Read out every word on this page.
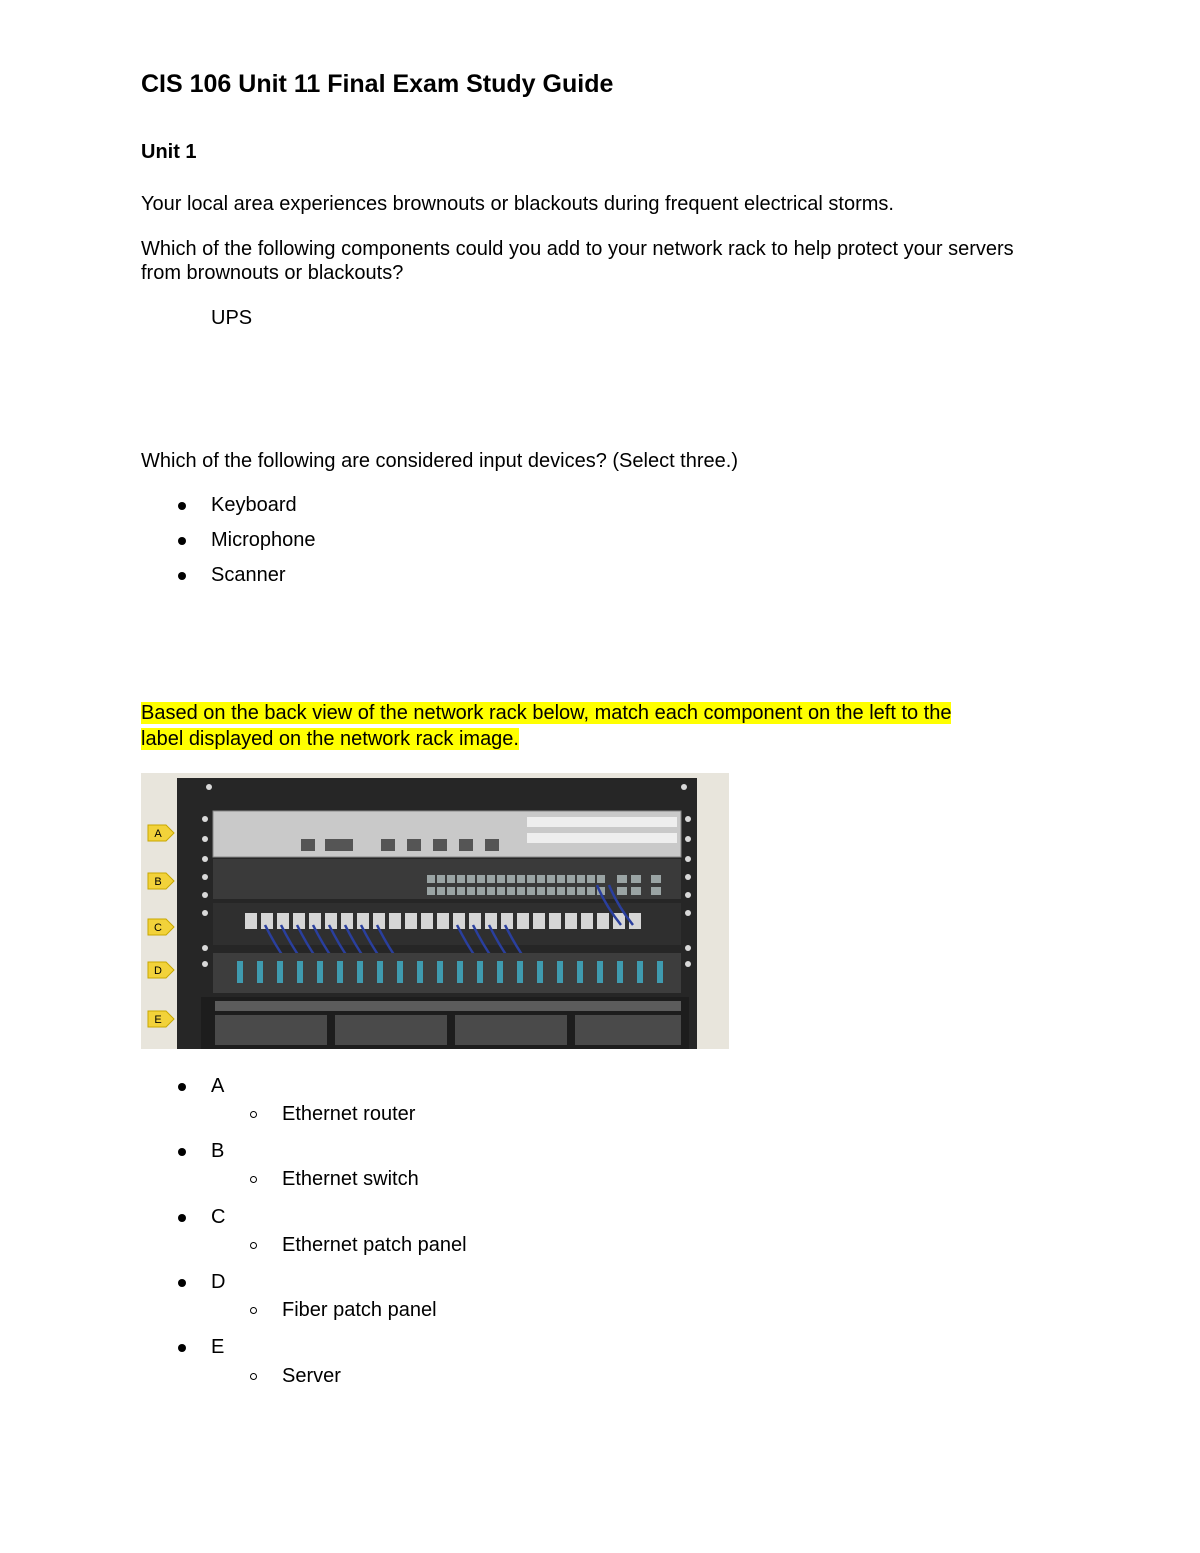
CIS 106 Unit 11 Final Exam Study Guide
Unit 1
Your local area experiences brownouts or blackouts during frequent electrical storms.
Which of the following components could you add to your network rack to help protect your servers
from brownouts or blackouts?
UPS
Which of the following are considered input devices? (Select three.)
Keyboard
Microphone
Scanner
Based on the back view of the network rack below, match each component on the left to the
label displayed on the network rack image.
A
B
C
D
E
A
Ethernet router
B
Ethernet switch
C
Ethernet patch panel
D
Fiber patch panel
E
Server
